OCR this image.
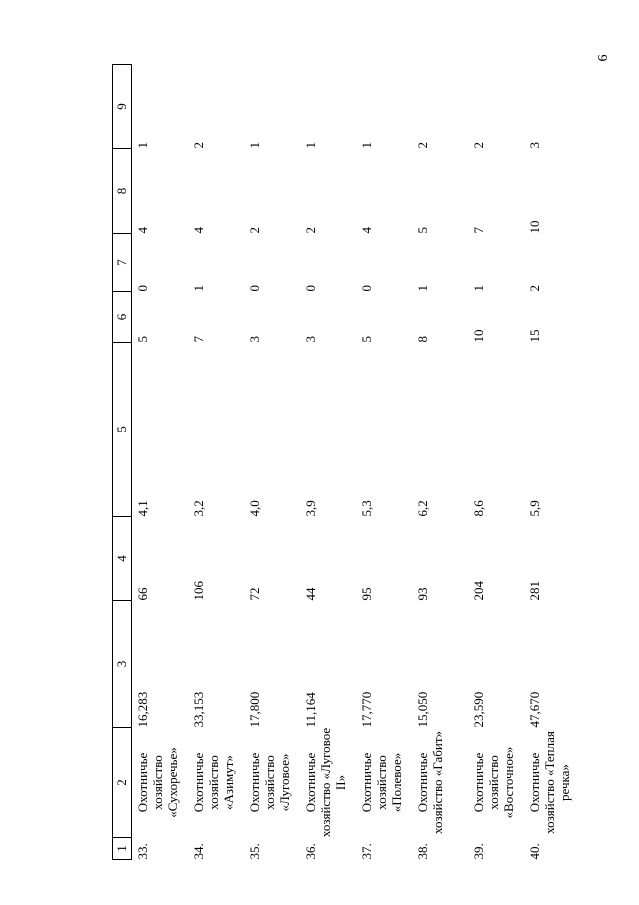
6
1	2	3	4	5	6	7	8	9
33.	Охотничье хозяйство «Сухоречье»	16,283	66	4,1	5	0	4	1
34.	Охотничье хозяйство «Азимут»	33,153	106	3,2	7	1	4	2
35.	Охотничье хозяйство «Луговое»	17,800	72	4,0	3	0	2	1
36.	Охотничье хозяйство «Луговое II»	11,164	44	3,9	3	0	2	1
37.	Охотничье хозяйство «Полевое»	17,770	95	5,3	5	0	4	1
38.	Охотничье хозяйство «Габит»	15,050	93	6,2	8	1	5	2
39.	Охотничье хозяйство «Восточное»	23,590	204	8,6	10	1	7	2
40.	Охотничье хозяйство «Теплая речка»	47,670	281	5,9	15	2	10	3
